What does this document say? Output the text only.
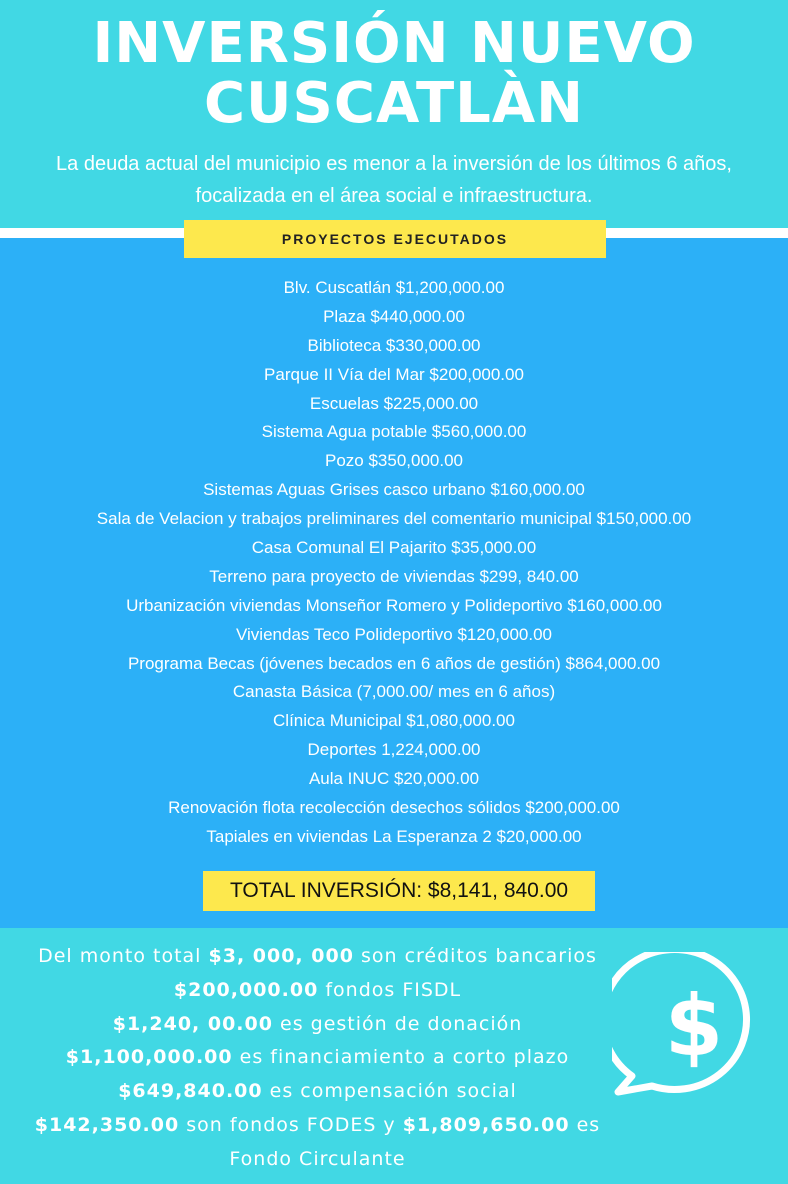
INVERSIÓN NUEVO
CUSCATLÀN
La deuda actual del municipio es menor a la inversión de los últimos 6 años, focalizada en el área social e infraestructura.
PROYECTOS EJECUTADOS
Blv. Cuscatlán $1,200,000.00
Plaza $440,000.00
Biblioteca $330,000.00
Parque II Vía del Mar $200,000.00
Escuelas $225,000.00
Sistema Agua potable $560,000.00
Pozo $350,000.00
Sistemas Aguas Grises casco urbano $160,000.00
Sala de Velacion y trabajos preliminares del comentario municipal $150,000.00
Casa Comunal El Pajarito $35,000.00
Terreno para proyecto de viviendas $299, 840.00
Urbanización viviendas Monseñor Romero y Polideportivo $160,000.00
Viviendas Teco Polideportivo $120,000.00
Programa Becas (jóvenes becados en 6 años de gestión) $864,000.00
Canasta Básica (7,000.00/ mes en 6 años)
Clínica Municipal $1,080,000.00
Deportes 1,224,000.00
Aula INUC $20,000.00
Renovación flota recolección desechos sólidos $200,000.00
Tapiales en viviendas La Esperanza 2 $20,000.00
TOTAL INVERSIÓN: $8,141, 840.00
Del monto total $3, 000, 000 son créditos bancarios
$200,000.00 fondos FISDL
$1,240, 00.00 es gestión de donación
$1,100,000.00 es financiamiento a corto plazo
$649,840.00 es compensación social
$142,350.00 son fondos FODES y $1,809,650.00 es
Fondo Circulante
$
